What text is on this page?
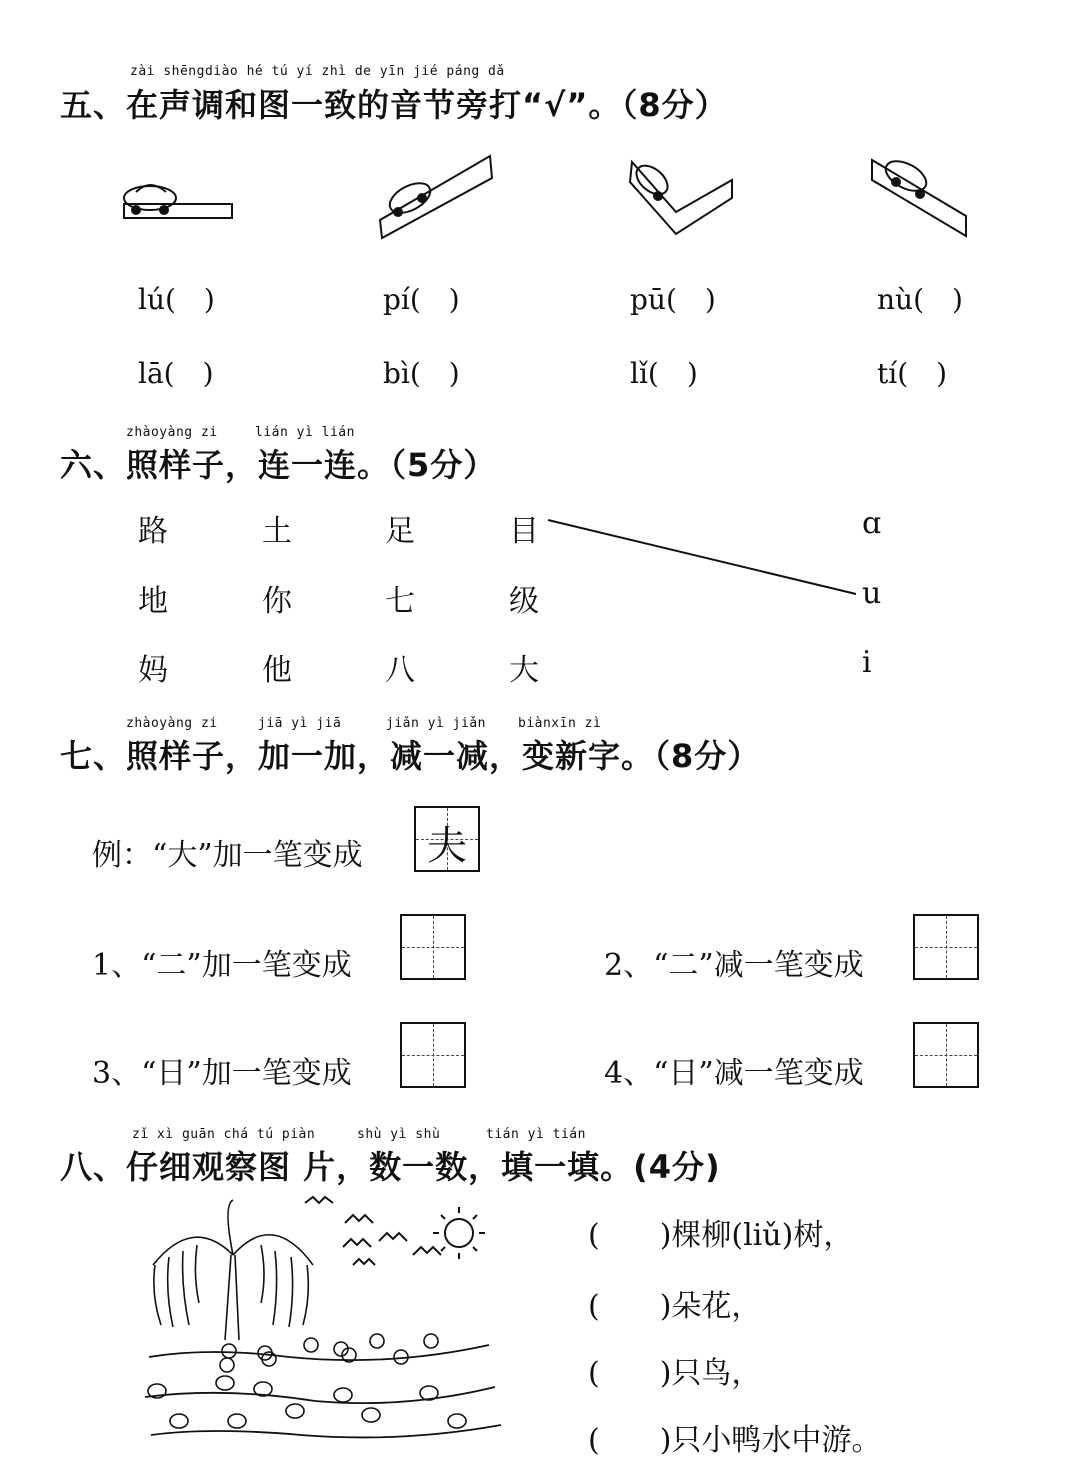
zài shēngdiào hé tú yí zhì de yīn jié páng dǎ
五、在声调和图一致的音节旁打“√”。（8分）
lú(　)	pí(　)	pū(　)	nù(　)
lā(　)	bì(　)	lǐ(　)	tí(　)
zhàoyàng zi	lián yì lián
六、照样子，连一连。（5分）
路	土	足	目
地	你	七	级
妈	他	八	大
ɑ
u
i
zhàoyàng zi	jiā yì jiā	jiǎn yì jiǎn biànxīn zì
七、照样子，加一加，减一减，变新字。（8分）
例：“大”加一笔变成 夫
1、“二”加一笔变成	2、“二”减一笔变成
3、“日”加一笔变成	4、“日”减一笔变成
zǐ xì guān chá tú piàn	shù yì shù	tián yì tián
八、仔细观察图 片，数一数，填一填。(4分)
(　　)棵柳(liǔ)树，
(　　)朵花，
(　　)只鸟，
(　　)只小鸭水中游。
